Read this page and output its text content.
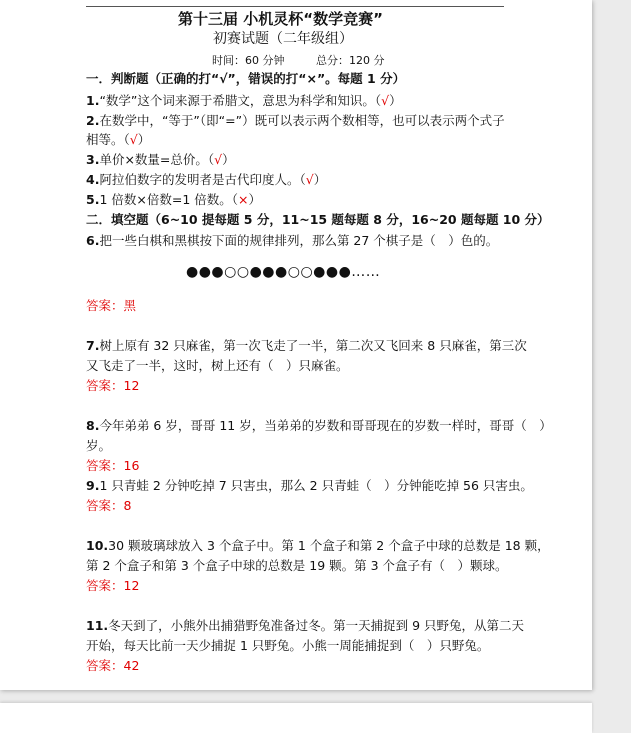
第十三届 小机灵杯“数学竞赛”
初赛试题（二年级组）
时间：60 分钟	总分：120 分
一．判断题（正确的打“√”，错误的打“×”。每题 1 分）
1.“数学”这个词来源于希腊文，意思为科学和知识。（√）
2.在数学中，“等于”（即“=”）既可以表示两个数相等，也可以表示两个式子
相等。（√）
3.单价×数量=总价。（√）
4.阿拉伯数字的发明者是古代印度人。（√）
5.1 倍数×倍数=1 倍数。（×）
二．填空题（6~10 提每题 5 分，11~15 题每题 8 分，16~20 题每题 10 分）
6.把一些白棋和黑棋按下面的规律排列，那么第 27 个棋子是（　）色的。
●●●○○●●●○○●●●……
答案：黑
7.树上原有 32 只麻雀，第一次飞走了一半，第二次又飞回来 8 只麻雀，第三次
又飞走了一半，这时，树上还有（　）只麻雀。
答案：12
8.今年弟弟 6 岁，哥哥 11 岁，当弟弟的岁数和哥哥现在的岁数一样时，哥哥（　）
岁。
答案：16
9.1 只青蛙 2 分钟吃掉 7 只害虫，那么 2 只青蛙（　）分钟能吃掉 56 只害虫。
答案：8
10.30 颗玻璃球放入 3 个盒子中。第 1 个盒子和第 2 个盒子中球的总数是 18 颗，
第 2 个盒子和第 3 个盒子中球的总数是 19 颗。第 3 个盒子有（　）颗球。
答案：12
11.冬天到了，小熊外出捕猎野兔准备过冬。第一天捕捉到 9 只野兔，从第二天
开始，每天比前一天少捕捉 1 只野兔。小熊一周能捕捉到（　）只野兔。
答案：42
